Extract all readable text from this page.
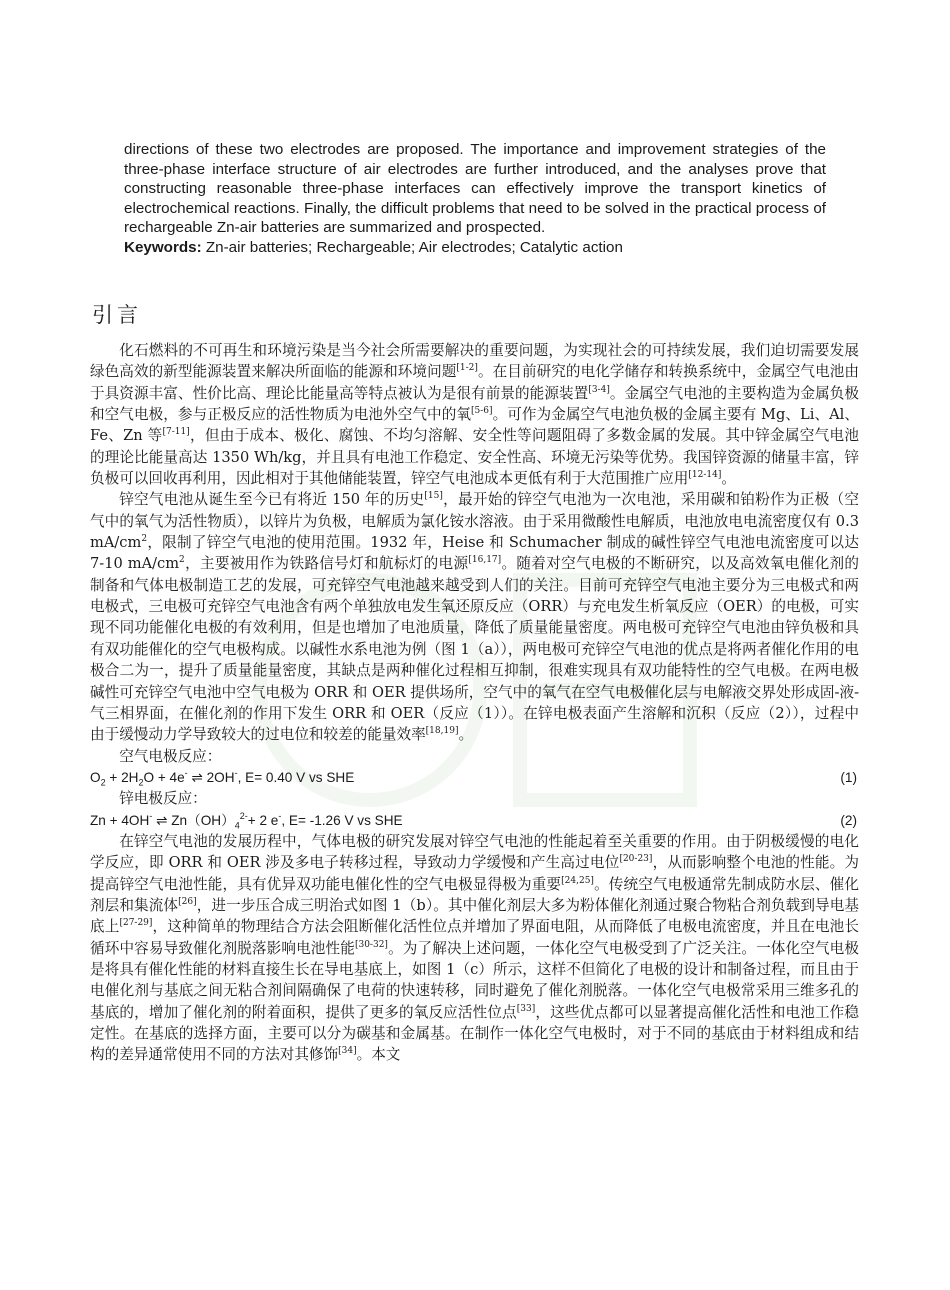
directions of these two electrodes are proposed. The importance and improvement strategies of the three-phase interface structure of air electrodes are further introduced, and the analyses prove that constructing reasonable three-phase interfaces can effectively improve the transport kinetics of electrochemical reactions. Finally, the difficult problems that need to be solved in the practical process of rechargeable Zn-air batteries are summarized and prospected.

Keywords: Zn-air batteries; Rechargeable; Air electrodes; Catalytic action

引言

化石燃料的不可再生和环境污染是当今社会所需要解决的重要问题，为实现社会的可持续发展，我们迫切需要发展绿色高效的新型能源装置来解决所面临的能源和环境问题[1-2]。在目前研究的电化学储存和转换系统中，金属空气电池由于具资源丰富、性价比高、理论比能量高等特点被认为是很有前景的能源装置[3-4]。金属空气电池的主要构造为金属负极和空气电极，参与正极反应的活性物质为电池外空气中的氧[5-6]。可作为金属空气电池负极的金属主要有 Mg、Li、Al、Fe、Zn 等[7-11]，但由于成本、极化、腐蚀、不均匀溶解、安全性等问题阻碍了多数金属的发展。其中锌金属空气电池的理论比能量高达 1350 Wh/kg，并且具有电池工作稳定、安全性高、环境无污染等优势。我国锌资源的储量丰富，锌负极可以回收再利用，因此相对于其他储能装置，锌空气电池成本更低有利于大范围推广应用[12-14]。

锌空气电池从诞生至今已有将近 150 年的历史[15]，最开始的锌空气电池为一次电池，采用碳和铂粉作为正极（空气中的氧气为活性物质），以锌片为负极，电解质为氯化铵水溶液。由于采用微酸性电解质，电池放电电流密度仅有 0.3 $mA/cm^2$，限制了锌空气电池的使用范围。1932 年，Heise 和 Schumacher 制成的碱性锌空气电池电流密度可以达 7-10 $mA/cm^2$，主要被用作为铁路信号灯和航标灯的电源[16,17]。随着对空气电极的不断研究，以及高效氧电催化剂的制备和气体电极制造工艺的发展，可充锌空气电池越来越受到人们的关注。目前可充锌空气电池主要分为三电极式和两电极式，三电极可充锌空气电池含有两个单独放电发生氧还原反应（ORR）与充电发生析氧反应（OER）的电极，可实现不同功能催化电极的有效利用，但是也增加了电池质量，降低了质量能量密度。两电极可充锌空气电池由锌负极和具有双功能催化的空气电极构成。以碱性水系电池为例（图 1（a）），两电极可充锌空气电池的优点是将两者催化作用的电极合二为一，提升了质量能量密度，其缺点是两种催化过程相互抑制，很难实现具有双功能特性的空气电极。在两电极碱性可充锌空气电池中空气电极为 ORR 和 OER 提供场所，空气中的氧气在空气电极催化层与电解液交界处形成固-液-气三相界面，在催化剂的作用下发生 ORR 和 OER（反应（1））。在锌电极表面产生溶解和沉积（反应（2）），过程中由于缓慢动力学导致较大的过电位和较差的能量效率[18,19]。

空气电极反应：

$O_2 + 2H_2O + 4e^-$ ⇌ 2OH-, E= 0.40 V vs SHE	(1)

锌电极反应：

Zn + 4OH- ⇌ $Zn(OH)_4^{2-}+ 2$ e-, E= -1.26 V vs SHE	(2)

在锌空气电池的发展历程中，气体电极的研究发展对锌空气电池的性能起着至关重要的作用。由于阴极缓慢的电化学反应，即 ORR 和 OER 涉及多电子转移过程，导致动力学缓慢和产生高过电位[20-23]，从而影响整个电池的性能。为提高锌空气电池性能，具有优异双功能电催化性的空气电极显得极为重要[24,25]。传统空气电极通常先制成防水层、催化剂层和集流体[26]，进一步压合成三明治式如图 1（b）。其中催化剂层大多为粉体催化剂通过聚合物粘合剂负载到导电基底上[27-29]，这种简单的物理结合方法会阻断催化活性位点并增加了界面电阻，从而降低了电极电流密度，并且在电池长循环中容易导致催化剂脱落影响电池性能[30-32]。为了解决上述问题，一体化空气电极受到了广泛关注。一体化空气电极是将具有催化性能的材料直接生长在导电基底上，如图 1（c）所示，这样不但简化了电极的设计和制备过程，而且由于电催化剂与基底之间无粘合剂间隔确保了电荷的快速转移，同时避免了催化剂脱落。一体化空气电极常采用三维多孔的基底的，增加了催化剂的附着面积，提供了更多的氧反应活性位点[33]，这些优点都可以显著提高催化活性和电池工作稳定性。在基底的选择方面，主要可以分为碳基和金属基。在制作一体化空气电极时，对于不同的基底由于材料组成和结构的差异通常使用不同的方法对其修饰[34]。本文
